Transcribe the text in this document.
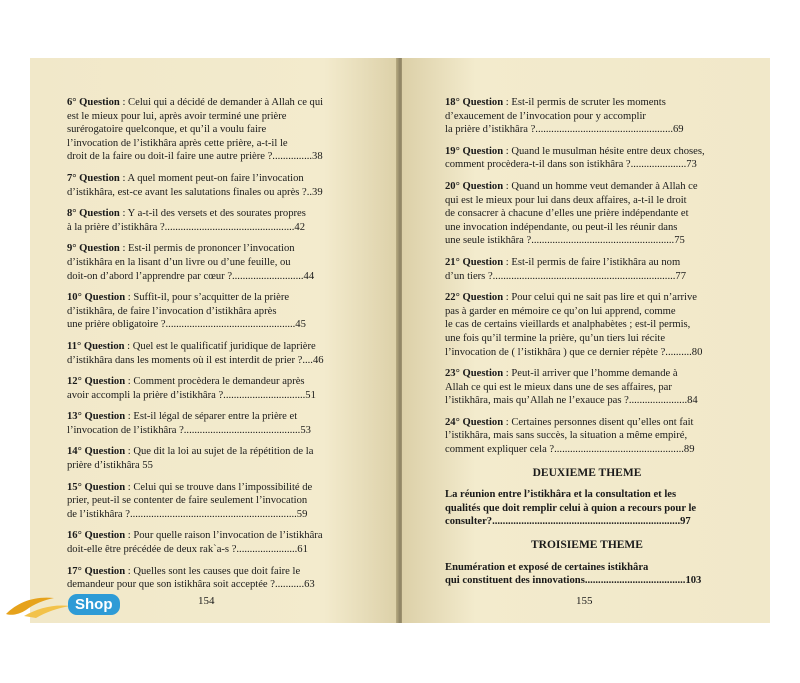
6° Question : Celui qui a décidé de demander à Allah ce qui
est le mieux pour lui, après avoir terminé une prière
surérogatoire quelconque, et qu’il a voulu faire
l’invocation de l’istikhâra après cette prière, a-t-il le
droit de la faire ou doit-il faire une autre prière ?...............38
7° Question : A quel moment peut-on faire l’invocation
d’istikhâra, est-ce avant les salutations finales ou après ?..39
8° Question : Y a-t-il des versets et des sourates propres
à la prière d’istikhâra ?.................................................42
9° Question : Est-il permis de prononcer l’invocation
d’istikhâra en la lisant d’un livre ou d’une feuille, ou
doit-on d’abord l’apprendre par cœur ?...........................44
10° Question : Suffit-il, pour s’acquitter de la prière
d’istikhâra, de faire l’invocation d’istikhâra après
une prière obligatoire ?.................................................45
11° Question : Quel est le qualificatif juridique de laprière
d’istikhâra dans les moments où il est interdit de prier ?....46
12° Question : Comment procèdera le demandeur après
avoir accompli la prière d’istikhâra ?...............................51
13° Question : Est-il légal de séparer entre la prière et
l’invocation de l’istikhâra ?............................................53
14° Question : Que dit la loi au sujet de la répétition de la
prière d’istikhâra 55
15° Question : Celui qui se trouve dans l’impossibilité de
prier, peut-il se contenter de faire seulement l’invocation
de l’istikhâra ?...............................................................59
16° Question : Pour quelle raison l’invocation de l’istikhâra
doit-elle être précédée de deux rak`a-s ?.......................61
17° Question : Quelles sont les causes que doit faire le
demandeur pour que son istikhâra soit acceptée ?...........63
154
18° Question : Est-il permis de scruter les moments
d’exaucement de l’invocation pour y accomplir
la prière d’istikhâra ?....................................................69
19° Question : Quand le musulman hésite entre deux choses,
comment procèdera-t-il dans son istikhâra ?.....................73
20° Question : Quand un homme veut demander à Allah ce
qui est le mieux pour lui dans deux affaires, a-t-il le droit
de consacrer à chacune d’elles une prière indépendante et
une invocation indépendante, ou peut-il les réunir dans
une seule istikhâra ?......................................................75
21° Question : Est-il permis de faire l’istikhâra au nom
d’un tiers ?.....................................................................77
22° Question : Pour celui qui ne sait pas lire et qui n’arrive
pas à garder en mémoire ce qu’on lui apprend, comme
le cas de certains vieillards et analphabètes ; est-il permis,
une fois qu’il termine la prière, qu’un tiers lui récite
l’invocation de ( l’istikhâra ) que ce dernier répète ?..........80
23° Question : Peut-il arriver que l’homme demande à
Allah ce qui est le mieux dans une de ses affaires, par
l’istikhâra, mais qu’Allah ne l’exauce pas ?......................84
24° Question : Certaines personnes disent qu’elles ont fait
l’istikhâra, mais sans succès, la situation a même empiré,
comment expliquer cela ?.................................................89
DEUXIEME THEME
La réunion entre l’istikhâra et la consultation et les
qualités que doit remplir celui à quion a recours pour le
consulter?.......................................................................97
TROISIEME THEME
Enumération et exposé de certaines istikhâra
qui constituent des innovations......................................103
155
Shop
